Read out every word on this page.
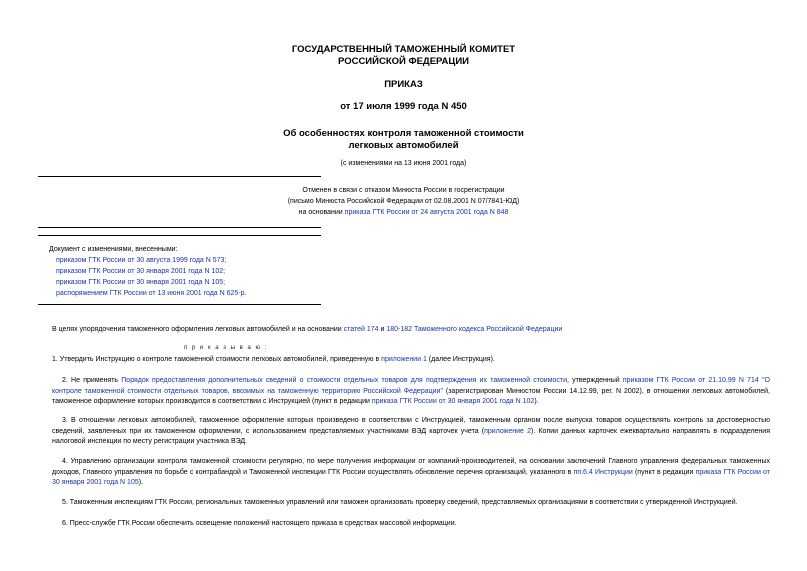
ГОСУДАРСТВЕННЫЙ ТАМОЖЕННЫЙ КОМИТЕТ
РОССИЙСКОЙ ФЕДЕРАЦИИ
ПРИКАЗ
от 17 июля 1999 года N 450
Об особенностях контроля таможенной стоимости
легковых автомобилей
(с изменениями на 13 июня 2001 года)
Отменен в связи с отказом Минюста России в госрегистрации
(письмо Минюста Российской Федерации от 02.08.2001 N 07/7841-ЮД)
на основании приказа ГТК России от 24 августа 2001 года N 848
Документ с изменениями, внесенными:
приказом ГТК России от 30 августа 1999 года N 573;
приказом ГТК России от 30 января 2001 года N 102;
приказом ГТК России от 30 января 2001 года N 105;
распоряжением ГТК России от 13 июня 2001 года N 625-р.
В целях упорядочения таможенного оформления легковых автомобилей и на основании статей 174 и 180-182 Таможенного кодекса Российской Федерации
п р и к а з ы в а ю :
1. Утвердить Инструкцию о контроле таможенной стоимости легковых автомобилей, приведенную в приложении 1 (далее Инструкция).
2. Не применять Порядок предоставления дополнительных сведений о стоимости отдельных товаров для подтверждения их таможенной стоимости, утвержденный приказом ГТК России от 21.10.99 N 714 "О контроле таможенной стоимости отдельных товаров, ввозимых на таможенную территорию Российской Федерации" (зарегистрирован Минюстом России 14.12.99, рег. N 2002), в отношении легковых автомобилей, таможенное оформление которых производится в соответствии с Инструкцией (пункт в редакции приказа ГТК России от 30 января 2001 года N 102).
3. В отношении легковых автомобилей, таможенное оформление которых произведено в соответствии с Инструкцией, таможенным органом после выпуска товаров осуществлять контроль за достоверностью сведений, заявленных при их таможенном оформлении, с использованием представляемых участниками ВЭД карточек учета (приложение 2). Копии данных карточек ежеквартально направлять в подразделения налоговой инспекции по месту регистрации участника ВЭД.
4. Управлению организации контроля таможенной стоимости регулярно, по мере получения информации от компаний-производителей, на основании заключений Главного управления федеральных таможенных доходов, Главного управления по борьбе с контрабандой и Таможенной инспекции ГТК России осуществлять обновление перечня организаций, указанного в пп.6.4 Инструкции (пункт в редакции приказа ГТК России от 30 января 2001 года N 105).
5. Таможенным инспекциям ГТК России, региональных таможенных управлений или таможен организовать проверку сведений, представляемых организациями в соответствии с утвержденной Инструкцией.
6. Пресс-службе ГТК России обеспечить освещение положений настоящего приказа в средствах массовой информации.
